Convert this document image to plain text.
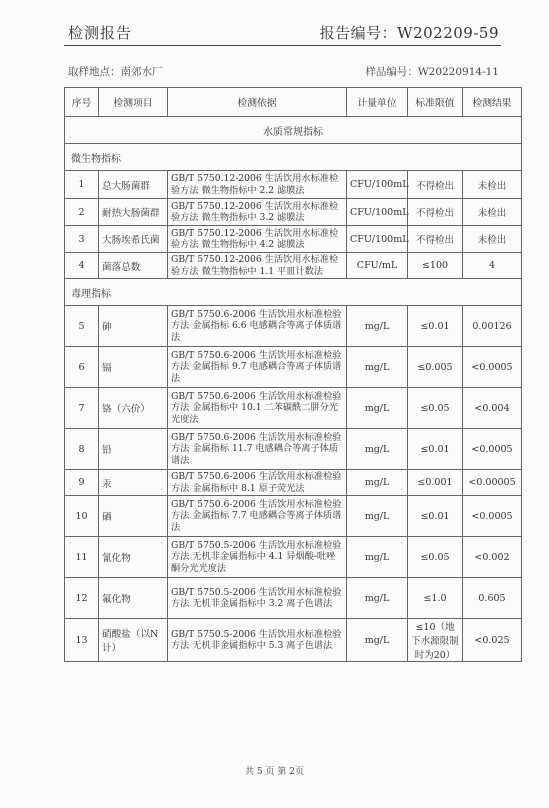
检测报告	报告编号：W202209-59
取样地点：南郊水厂	样品编号：W20220914-11
序号	检测项目	检测依据	计量单位	标准限值	检测结果
水质常规指标					
微生物指标					
1	总大肠菌群	GB/T 5750.12-2006 生活饮用水标准检验方法 微生物指标中 2.2 滤膜法	CFU/100mL	不得检出	未检出
2	耐热大肠菌群	GB/T 5750.12-2006 生活饮用水标准检验方法 微生物指标中 3.2 滤膜法	CFU/100mL	不得检出	未检出
3	大肠埃希氏菌	GB/T 5750.12-2006 生活饮用水标准检验方法 微生物指标中 4.2 滤膜法	CFU/100mL	不得检出	未检出
4	菌落总数	GB/T 5750.12-2006 生活饮用水标准检验方法 微生物指标中 1.1 平皿计数法	CFU/mL	≤100	4
毒理指标					
5	砷	GB/T 5750.6-2006 生活饮用水标准检验方法 金属指标 6.6 电感耦合等离子体质谱法	mg/L	≤0.01	0.00126
6	镉	GB/T 5750.6-2006 生活饮用水标准检验方法 金属指标 9.7 电感耦合等离子体质谱法	mg/L	≤0.005	<0.0005
7	铬（六价）	GB/T 5750.6-2006 生活饮用水标准检验方法 金属指标中 10.1 二苯碳酰二肼分光光度法	mg/L	≤0.05	<0.004
8	铅	GB/T 5750.6-2006 生活饮用水标准检验方法 金属指标 11.7 电感耦合等离子体质谱法	mg/L	≤0.01	<0.0005
9	汞	GB/T 5750.6-2006 生活饮用水标准检验方法 金属指标中 8.1 原子荧光法	mg/L	≤0.001	<0.00005
10	硒	GB/T 5750.6-2006 生活饮用水标准检验方法 金属指标 7.7 电感耦合等离子体质谱法	mg/L	≤0.01	<0.0005
11	氰化物	GB/T 5750.5-2006 生活饮用水标准检验方法 无机非金属指标中 4.1 异烟酸-吡唑酮分光光度法	mg/L	≤0.05	<0.002
12	氟化物	GB/T 5750.5-2006 生活饮用水标准检验方法 无机非金属指标中 3.2 离子色谱法	mg/L	≤1.0	0.605
13	硝酸盐（以N计）	GB/T 5750.5-2006 生活饮用水标准检验方法 无机非金属指标中 5.3 离子色谱法	mg/L	≤10（地下水源限制时为20）	<0.025
共 5 页 第 2页
